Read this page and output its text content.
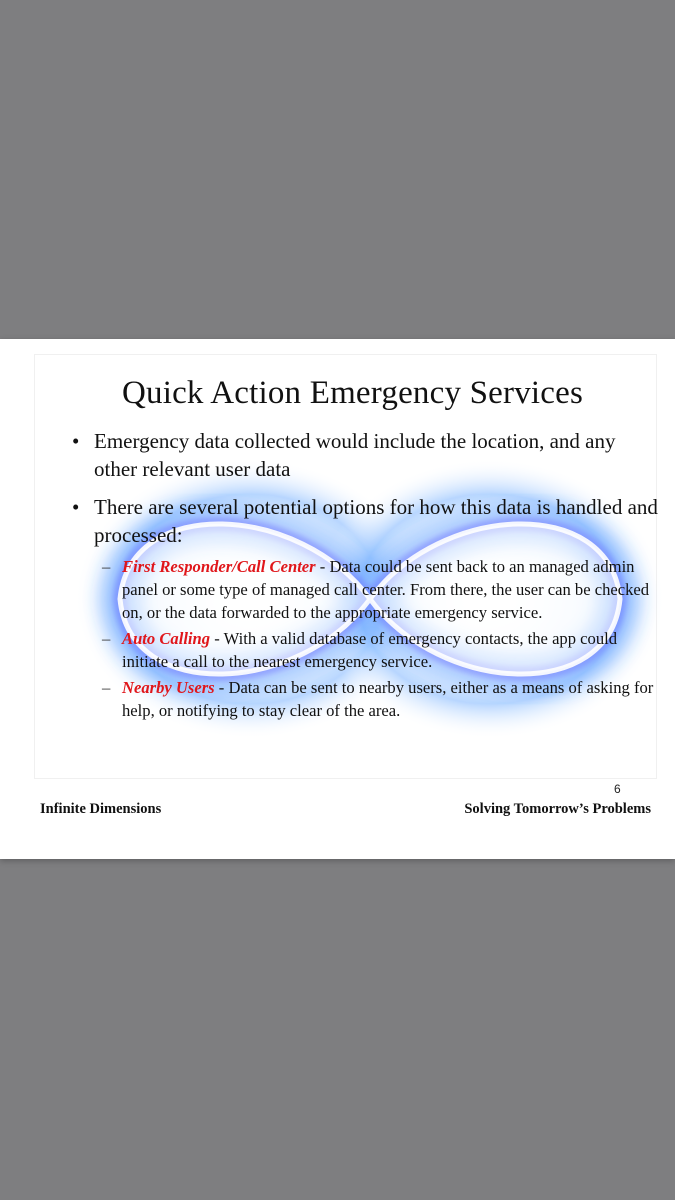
Quick Action Emergency Services
• Emergency data collected would include the location, and any other relevant user data
• There are several potential options for how this data is handled and processed:
– First Responder/Call Center - Data could be sent back to an managed admin panel or some type of managed call center. From there, the user can be checked on, or the data forwarded to the appropriate emergency service.
– Auto Calling - With a valid database of emergency contacts, the app could initiate a call to the nearest emergency service.
– Nearby Users - Data can be sent to nearby users, either as a means of asking for help, or notifying to stay clear of the area.
6
Infinite Dimensions	Solving Tomorrow’s Problems
